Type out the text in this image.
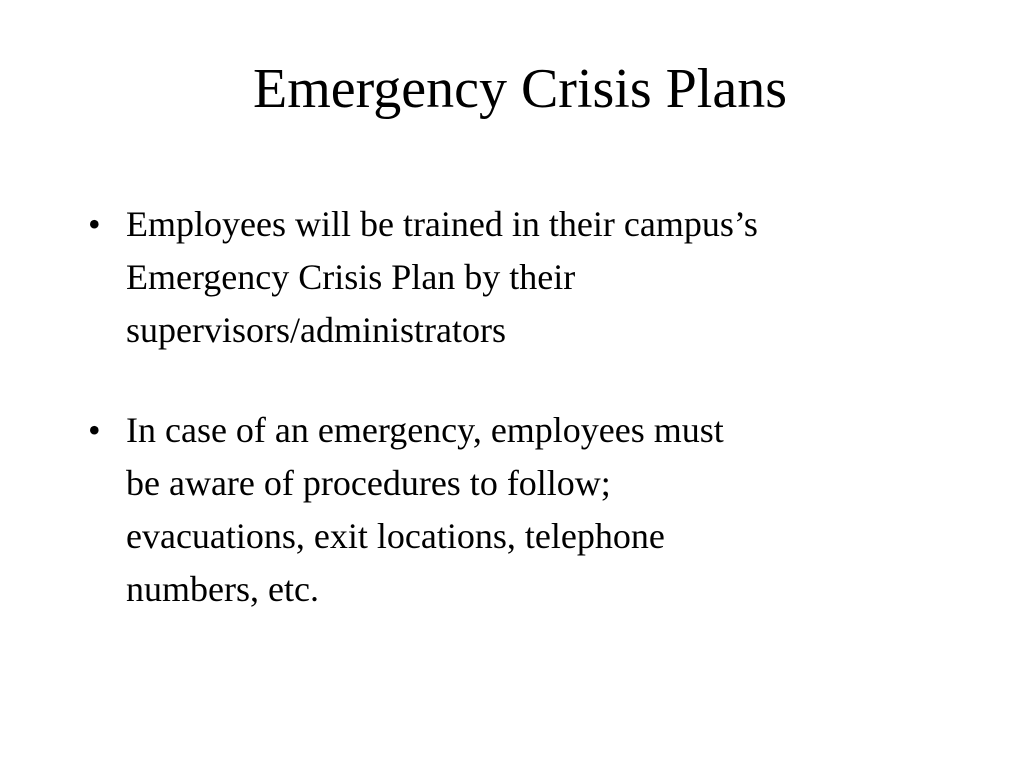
Emergency Crisis Plans
• Employees will be trained in their campus’s
Emergency Crisis Plan by their
supervisors/administrators
• In case of an emergency, employees must
be aware of procedures to follow;
evacuations, exit locations, telephone
numbers, etc.
